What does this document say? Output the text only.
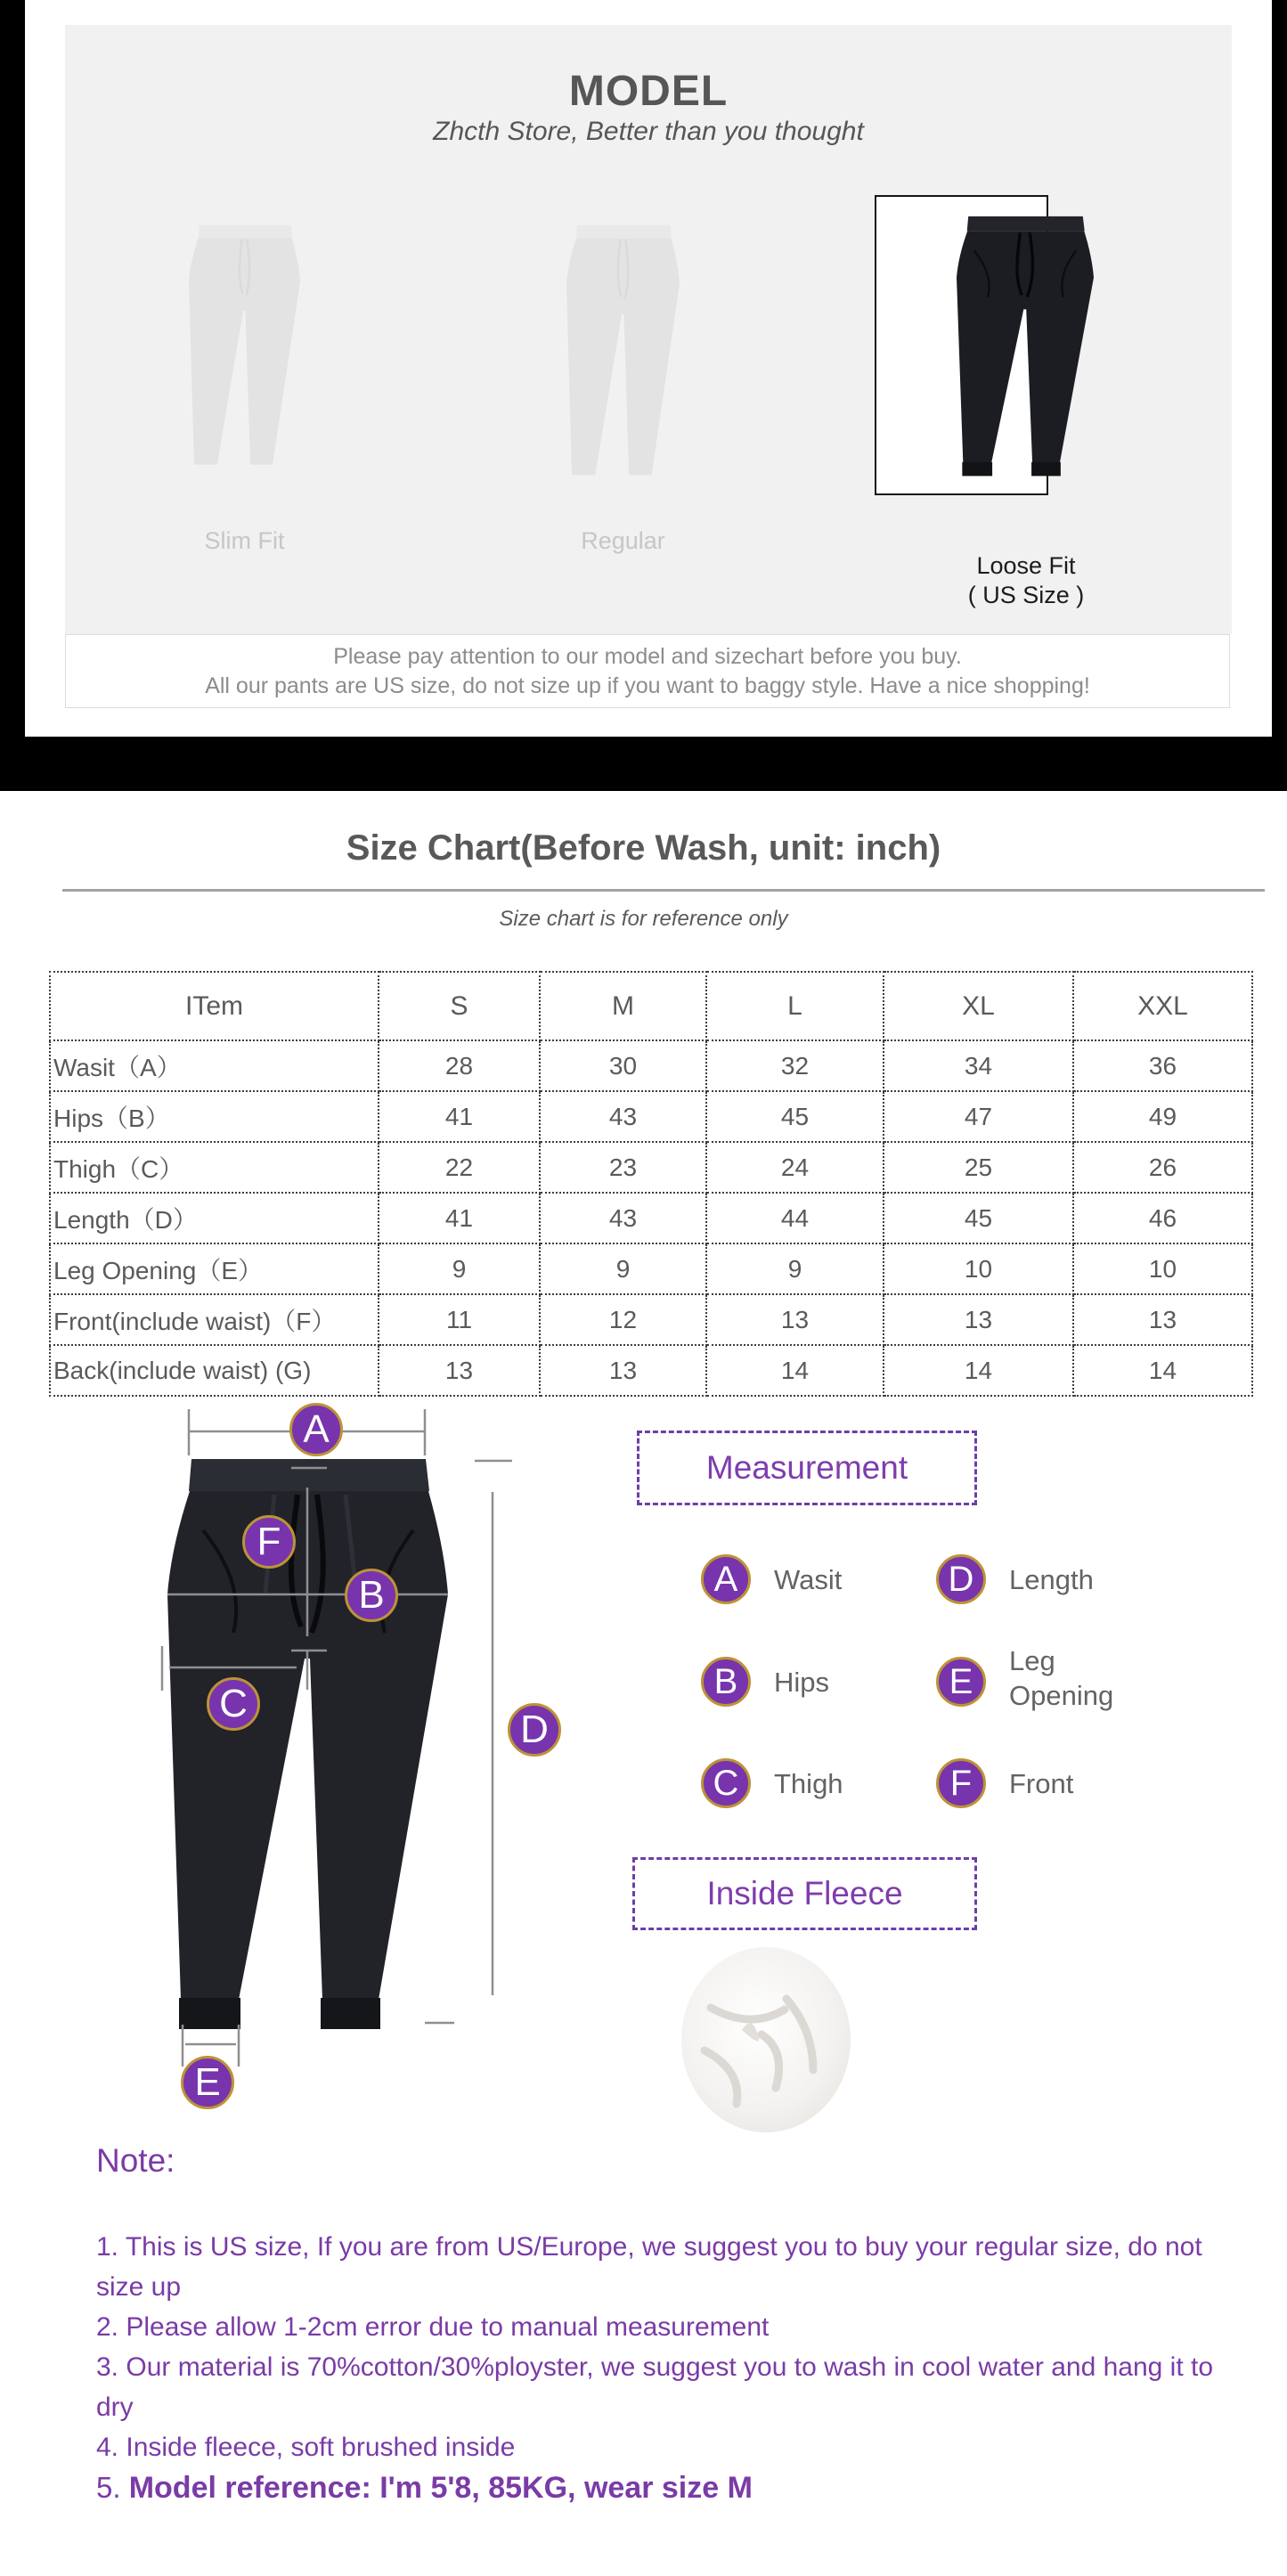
MODEL
Zhcth Store, Better than you thought
Slim Fit	Regular
Loose Fit
( US Size )
Please pay attention to our model and sizechart before you buy.
All our pants are US size, do not size up if you want to baggy style. Have a nice shopping!
Size Chart(Before Wash, unit: inch)
Size chart is for reference only
ITem	S	M	L	XL	XXL
Wasit（A）	28	30	32	34	36
Hips（B）	41	43	45	47	49
Thigh（C）	22	23	24	25	26
Length（D）	41	43	44	45	46
Leg Opening（E）	9	9	9	10	10
Front(include waist)（F）	11	12	13	13	13
Back(include waist) (G)	13	13	14	14	14
A
F
B
C
D
E
Measurement
A	Wasit	D	Length
B	Hips	E
Leg Opening
C	Thigh	F	Front
Inside Fleece
Note:
1. This is US size, If you are from US/Europe, we suggest you to buy your regular size, do not size up
2. Please allow 1-2cm error due to manual measurement
3. Our material is 70%cotton/30%ployster, we suggest you to wash in cool water and hang it to dry
4. Inside fleece, soft brushed inside
5. Model reference: I'm 5'8, 85KG, wear size M
